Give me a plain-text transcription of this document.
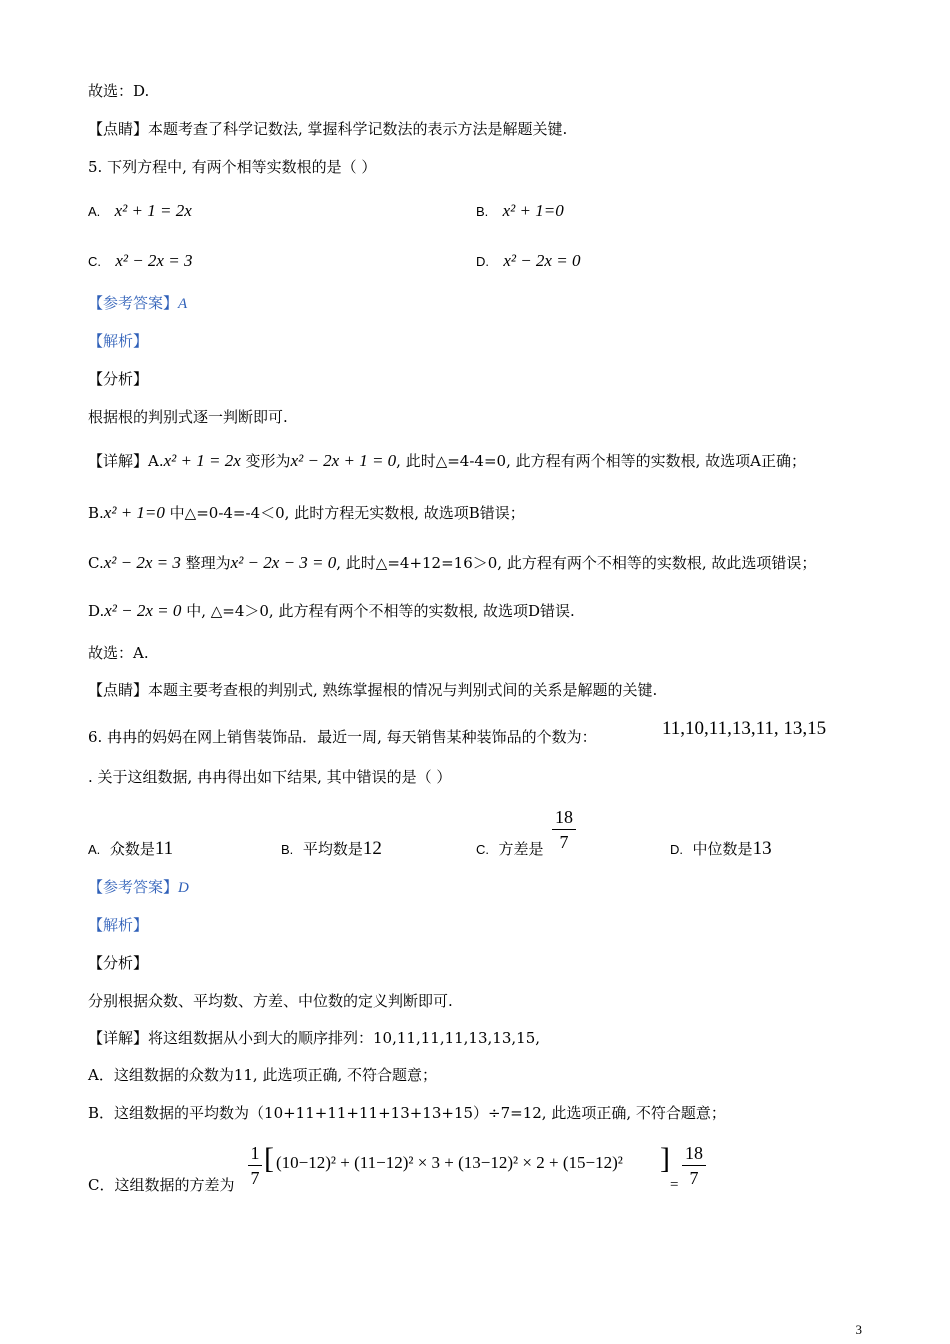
故选：D.
【点睛】本题考查了科学记数法, 掌握科学记数法的表示方法是解题关键.
5. 下列方程中, 有两个相等实数根的是（ ）
A. x² + 1 = 2x	B. x² + 1=0
C. x² − 2x = 3	D. x² − 2x = 0
【参考答案】A
【解析】
【分析】
根据根的判别式逐一判断即可.
【详解】A.x² + 1 = 2x 变形为x² − 2x + 1 = 0, 此时△=4-4=0, 此方程有两个相等的实数根, 故选项A正确；
B.x² + 1=0 中△=0-4=-4＜0, 此时方程无实数根, 故选项B错误；
C.x² − 2x = 3 整理为x² − 2x − 3 = 0, 此时△=4+12=16＞0, 此方程有两个不相等的实数根, 故此选项错误；
D.x² − 2x = 0 中, △=4＞0, 此方程有两个不相等的实数根, 故选项D错误.
故选：A.
【点睛】本题主要考查根的判别式, 熟练掌握根的情况与判别式间的关系是解题的关键.
6. 冉冉的妈妈在网上销售装饰品．最近一周, 每天销售某种装饰品的个数为：	11,10,11,13,11, 13,15
. 关于这组数据, 冉冉得出如下结果, 其中错误的是（ ）
A. 众数是11	B. 平均数是12	C. 方差是
18
7	D. 中位数是13
【参考答案】D
【解析】
【分析】
分别根据众数、平均数、方差、中位数的定义判断即可.
【详解】将这组数据从小到大的顺序排列：10,11,11,11,13,13,15,
A．这组数据的众数为11, 此选项正确, 不符合题意；
B．这组数据的平均数为（10+11+11+11+13+13+15）÷7=12, 此选项正确, 不符合题意；
C．这组数据的方差为
1
7
[ (10−12)² + (11−12)² × 3 + (13−12)² × 2 + (15−12)² ]
=
18
7
3
